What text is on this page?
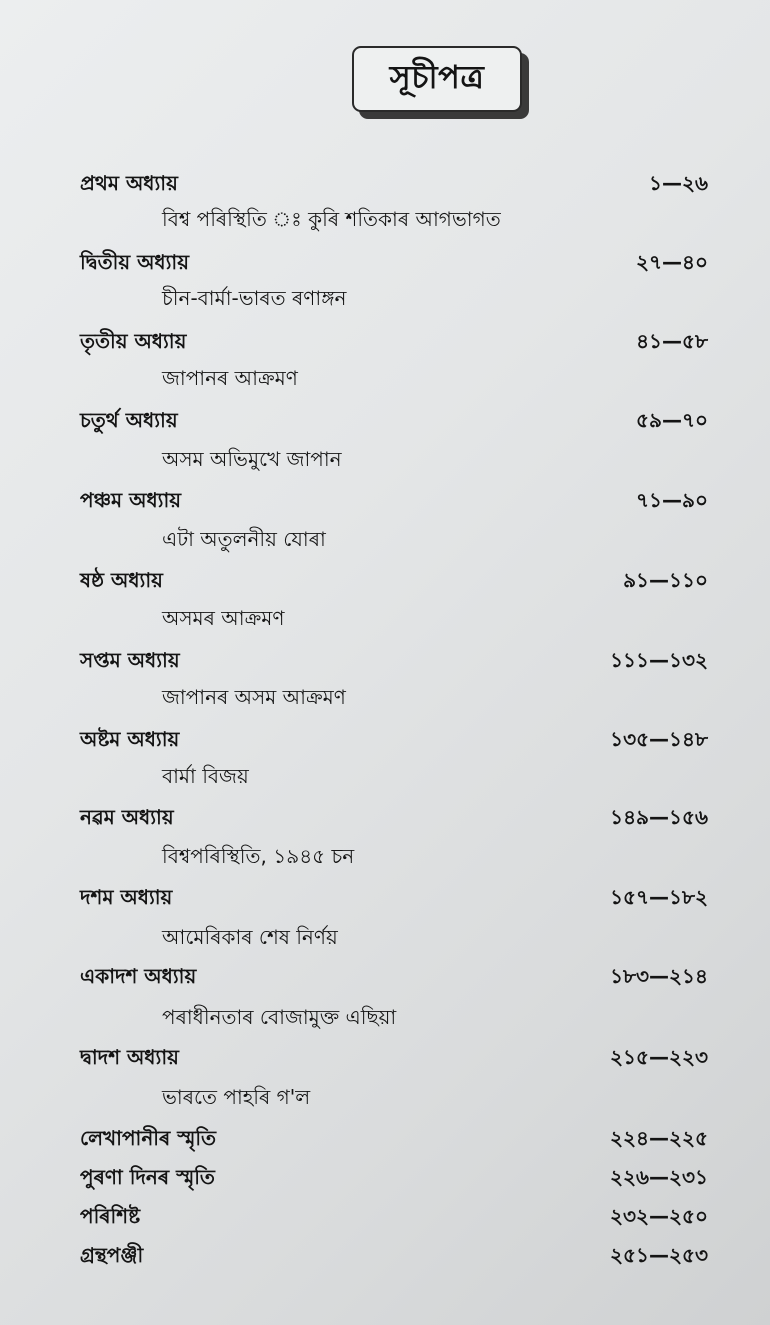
সূচীপত্ৰ
প্ৰথম অধ্যায়	১—২৬
বিশ্ব পৰিস্থিতি ঃ কুৰি শতিকাৰ আগভাগত
দ্বিতীয় অধ্যায়	২৭—৪০
চীন-বাৰ্মা-ভাৰত ৰণাঙ্গন
তৃতীয় অধ্যায়	৪১—৫৮
জাপানৰ আক্ৰমণ
চতুৰ্থ অধ্যায়	৫৯—৭০
অসম অভিমুখে জাপান
পঞ্চম অধ্যায়	৭১—৯০
এটা অতুলনীয় যোৰা
ষষ্ঠ অধ্যায়	৯১—১১০
অসমৰ আক্ৰমণ
সপ্তম অধ্যায়	১১১—১৩২
জাপানৰ অসম আক্ৰমণ
অষ্টম অধ্যায়	১৩৫—১৪৮
বাৰ্মা বিজয়
নৱম অধ্যায়	১৪৯—১৫৬
বিশ্বপৰিস্থিতি, ১৯৪৫ চন
দশম অধ্যায়	১৫৭—১৮২
আমেৰিকাৰ শেষ নিৰ্ণয়
একাদশ অধ্যায়	১৮৩—২১৪
পৰাধীনতাৰ বোজামুক্ত এছিয়া
দ্বাদশ অধ্যায়	২১৫—২২৩
ভাৰতে পাহৰি গ'ল
লেখাপানীৰ স্মৃতি	২২৪—২২৫
পুৰণা দিনৰ স্মৃতি	২২৬—২৩১
পৰিশিষ্ট	২৩২—২৫০
গ্ৰন্থপঞ্জী	২৫১—২৫৩
